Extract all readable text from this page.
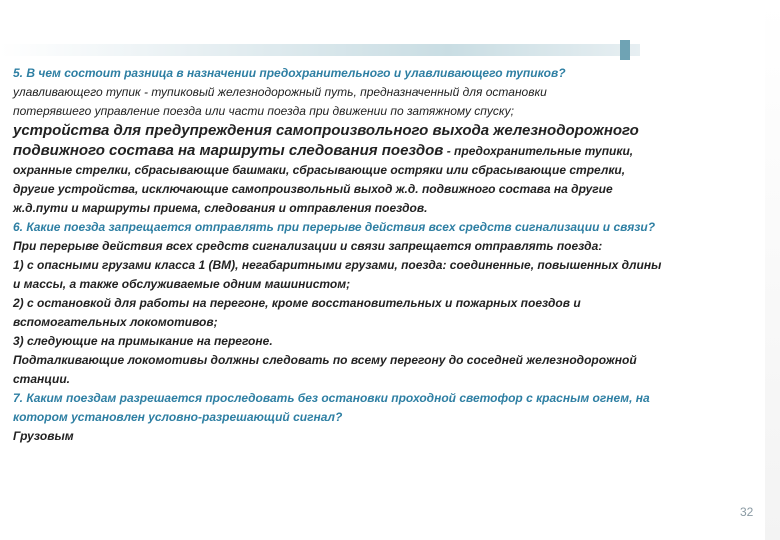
5. В чем состоит разница в назначении предохранительного и улавливающего тупиков?
улавливающего тупик - тупиковый железнодорожный путь, предназначенный для остановки
потерявшего управление поезда или части поезда при движении по затяжному спуску;
устройства для предупреждения самопроизвольного выхода железнодорожного
подвижного состава на маршруты следования поездов - предохранительные тупики,
охранные стрелки, сбрасывающие башмаки, сбрасывающие остряки или сбрасывающие стрелки,
другие устройства, исключающие самопроизвольный выход ж.д. подвижного состава на другие
ж.д.пути и маршруты приема, следования и отправления поездов.
6. Какие поезда запрещается отправлять при перерыве действия всех средств сигнализации и связи?
При перерыве действия всех средств сигнализации и связи запрещается отправлять поезда:
1) с опасными грузами класса 1 (ВМ), негабаритными грузами, поезда: соединенные, повышенных длины
и массы, а также обслуживаемые одним машинистом;
2) с остановкой для работы на перегоне, кроме восстановительных и пожарных поездов и
вспомогательных локомотивов;
3) следующие на примыкание на перегоне.
Подталкивающие локомотивы должны следовать по всему перегону до соседней железнодорожной
станции.
7. Каким поездам разрешается проследовать без остановки проходной светофор с красным огнем, на
котором установлен условно-разрешающий сигнал?
Грузовым
32
